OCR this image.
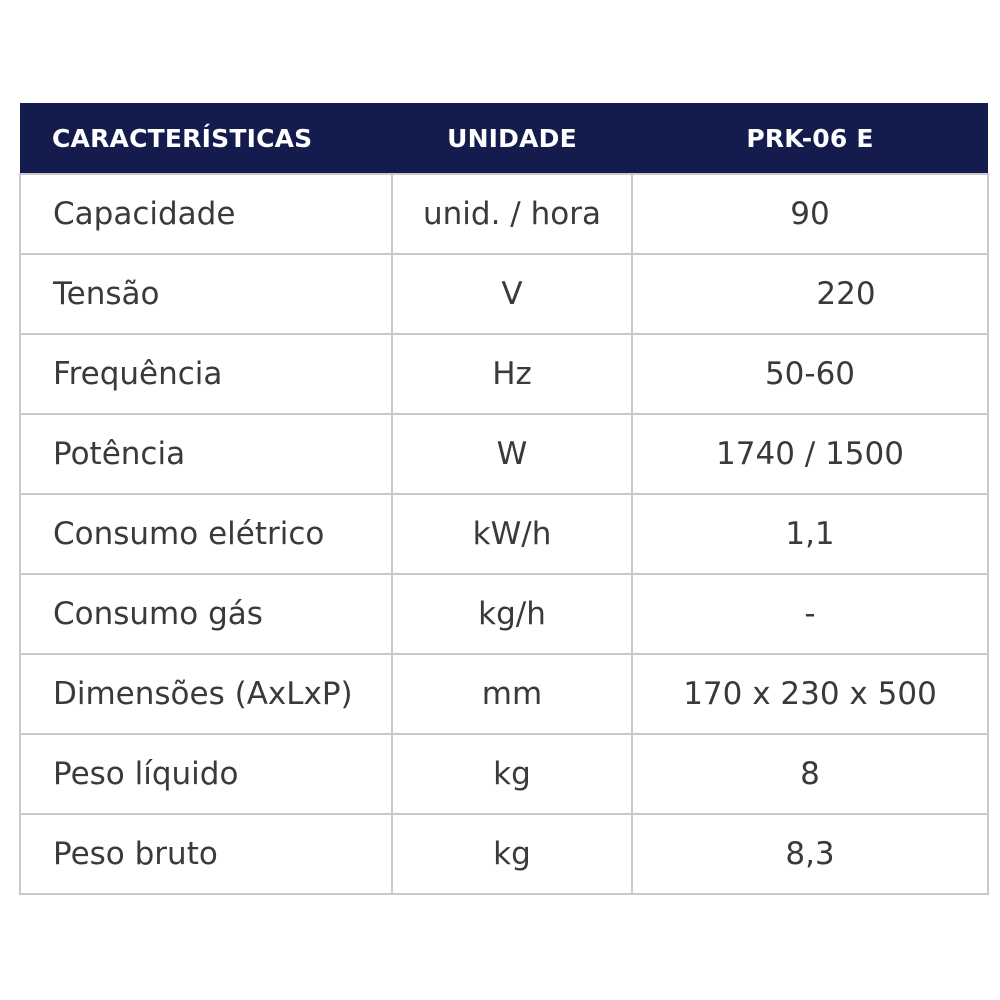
CARACTERÍSTICAS	UNIDADE	PRK-06 E
Capacidade	unid. / hora	90
Tensão	V	220
Frequência	Hz	50-60
Potência	W	1740 / 1500
Consumo elétrico	kW/h	1,1
Consumo gás	kg/h	-
Dimensões (AxLxP)	mm	170 x 230 x 500
Peso líquido	kg	8
Peso bruto	kg	8,3
